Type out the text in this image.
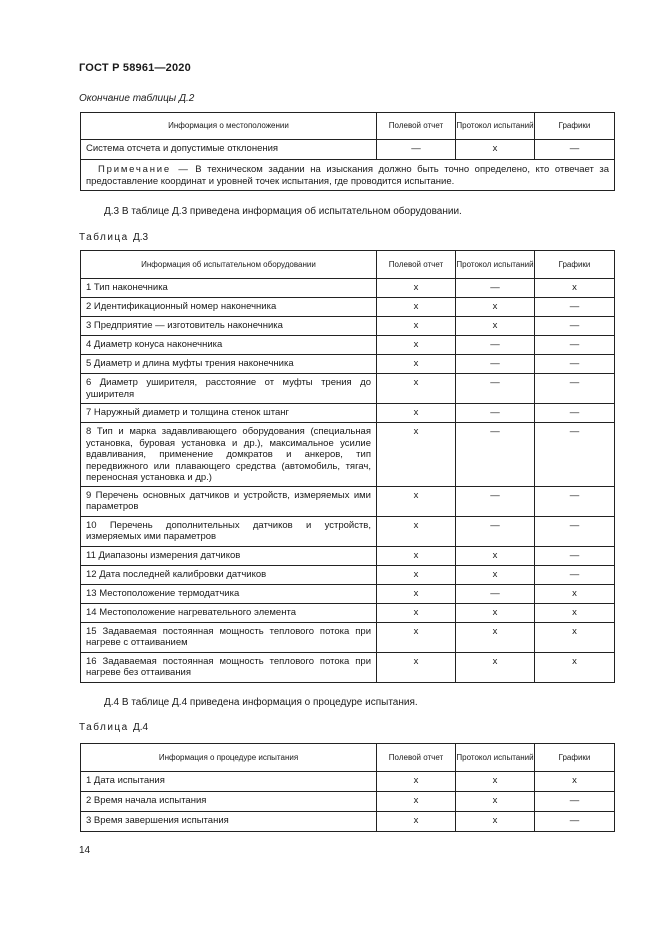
ГОСТ Р 58961—2020
Окончание таблицы Д.2
Информация о местоположении	Полевой отчет	Протокол испытаний	Графики
Система отсчета и допустимые отклонения	—	х	—
Примечание — В техническом задании на изыскания должно быть точно определено, кто отвечает за предоставление координат и уровней точек испытания, где проводится испытание.			
Д.3 В таблице Д.3 приведена информация об испытательном оборудовании.
Таблица Д.3
Информация об испытательном оборудовании	Полевой отчет	Протокол испытаний	Графики
1 Тип наконечника	х	—	х
2 Идентификационный номер наконечника	х	х	—
3 Предприятие — изготовитель наконечника	х	х	—
4 Диаметр конуса наконечника	х	—	—
5 Диаметр и длина муфты трения наконечника	х	—	—
6 Диаметр уширителя, расстояние от муфты трения до уширителя	х	—	—
7 Наружный диаметр и толщина стенок штанг	х	—	—
8 Тип и марка задавливающего оборудования (специальная установка, буровая установка и др.), максимальное усилие вдавливания, применение домкратов и анкеров, тип передвижного или плавающего средства (автомобиль, тягач, переносная установка и др.)	х	—	—
9 Перечень основных датчиков и устройств, измеряемых ими параметров	х	—	—
10 Перечень дополнительных датчиков и устройств, измеряемых ими параметров	х	—	—
11 Диапазоны измерения датчиков	х	х	—
12 Дата последней калибровки датчиков	х	х	—
13 Местоположение термодатчика	х	—	х
14 Местоположение нагревательного элемента	х	х	х
15 Задаваемая постоянная мощность теплового потока при нагреве с оттаиванием	х	х	х
16 Задаваемая постоянная мощность теплового потока при нагреве без оттаивания	х	х	х
Д.4 В таблице Д.4 приведена информация о процедуре испытания.
Таблица Д.4
Информация о процедуре испытания	Полевой отчет	Протокол испытаний	Графики
1 Дата испытания	х	х	х
2 Время начала испытания	х	х	—
3 Время завершения испытания	х	х	—
14
